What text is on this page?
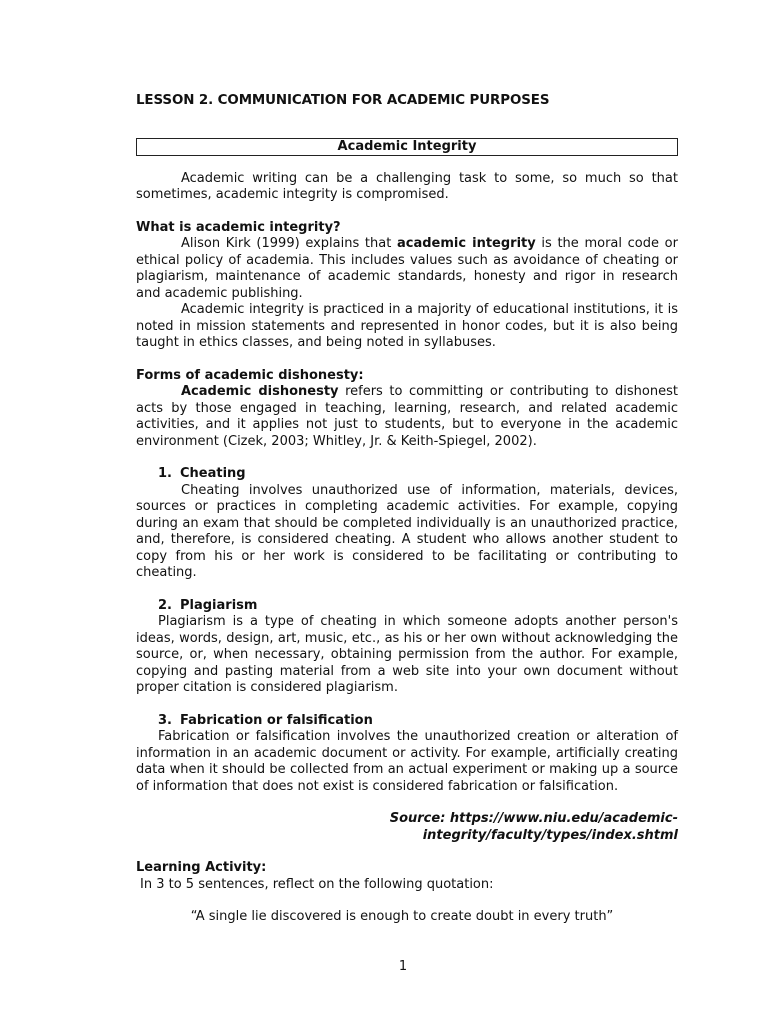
LESSON 2. COMMUNICATION FOR ACADEMIC PURPOSES
Academic Integrity

Academic writing can be a challenging task to some, so much so that sometimes, academic integrity is compromised.

What is academic integrity?

Alison Kirk (1999) explains that academic integrity is the moral code or ethical policy of academia. This includes values such as avoidance of cheating or plagiarism, maintenance of academic standards, honesty and rigor in research and academic publishing.

Academic integrity is practiced in a majority of educational institutions, it is noted in mission statements and represented in honor codes, but it is also being taught in ethics classes, and being noted in syllabuses.

Forms of academic dishonesty:

Academic dishonesty refers to committing or contributing to dishonest acts by those engaged in teaching, learning, research, and related academic activities, and it applies not just to students, but to everyone in the academic environment (Cizek, 2003; Whitley, Jr. & Keith-Spiegel, 2002).

1. Cheating

Cheating involves unauthorized use of information, materials, devices, sources or practices in completing academic activities. For example, copying during an exam that should be completed individually is an unauthorized practice, and, therefore, is considered cheating. A student who allows another student to copy from his or her work is considered to be facilitating or contributing to cheating.

2. Plagiarism

Plagiarism is a type of cheating in which someone adopts another person's ideas, words, design, art, music, etc., as his or her own without acknowledging the source, or, when necessary, obtaining permission from the author. For example, copying and pasting material from a web site into your own document without proper citation is considered plagiarism.

3. Fabrication or falsification

Fabrication or falsification involves the unauthorized creation or alteration of information in an academic document or activity. For example, artificially creating data when it should be collected from an actual experiment or making up a source of information that does not exist is considered fabrication or falsification.

Source: https://www.niu.edu/academic-integrity/faculty/types/index.shtml
Learning Activity:
In 3 to 5 sentences, reflect on the following quotation:
“A single lie discovered is enough to create doubt in every truth”
1
